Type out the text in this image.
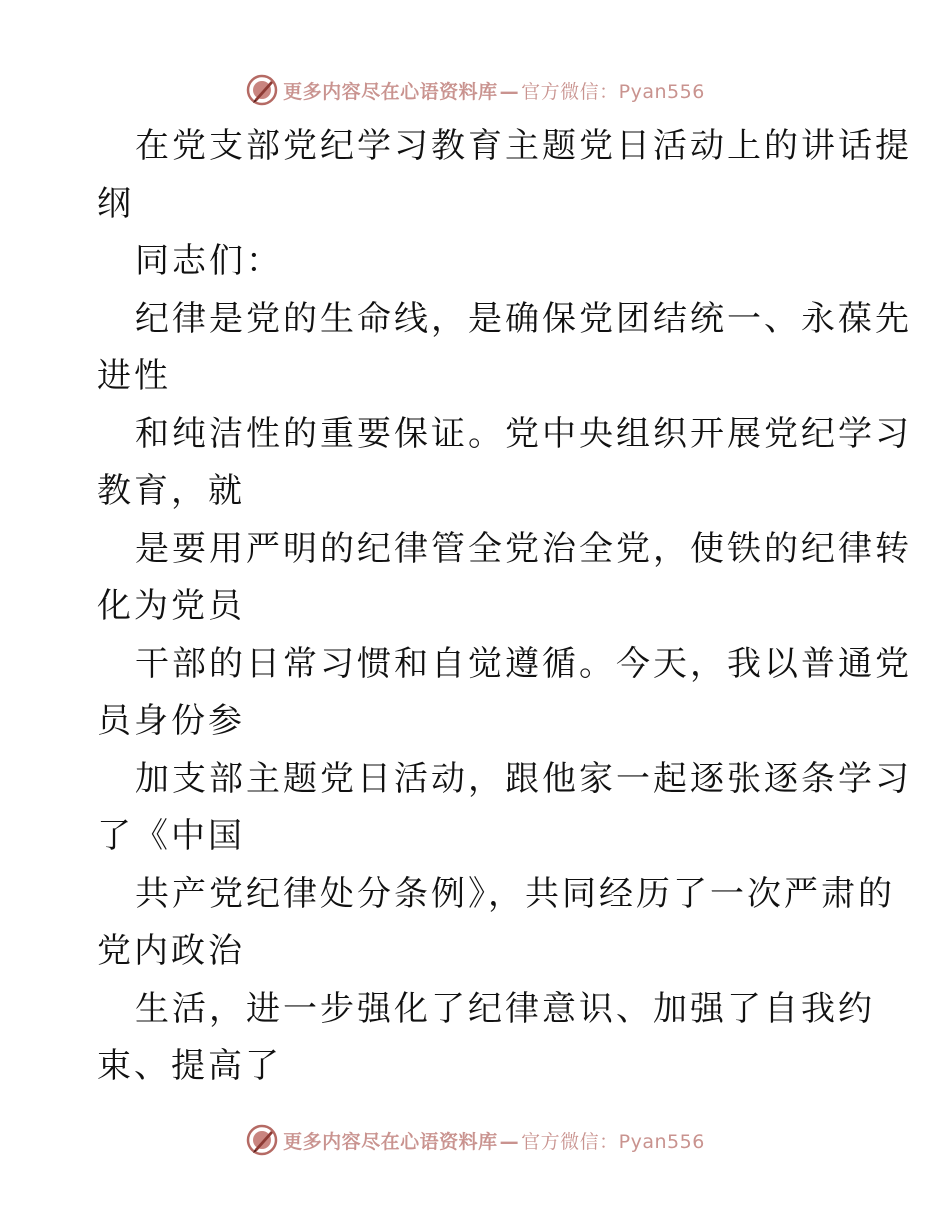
更多内容尽在心语资料库 — 官方微信：Pyan556
在党支部党纪学习教育主题党日活动上的讲话提
纲
同志们：
纪律是党的生命线，是确保党团结统一、永葆先
进性
和纯洁性的重要保证。党中央组织开展党纪学习
教育，就
是要用严明的纪律管全党治全党，使铁的纪律转
化为党员
干部的日常习惯和自觉遵循。今天，我以普通党
员身份参
加支部主题党日活动，跟他家一起逐张逐条学习
了《中国
共产党纪律处分条例》，共同经历了一次严肃的
党内政治
生活，进一步强化了纪律意识、加强了自我约
束、提高了
更多内容尽在心语资料库 — 官方微信：Pyan556
